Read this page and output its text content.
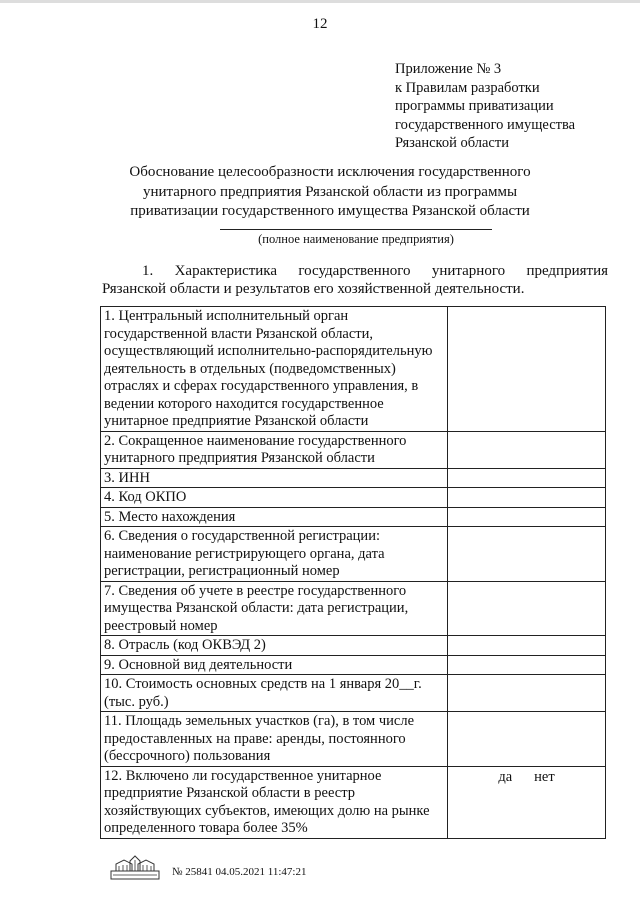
12
Приложение № 3
к Правилам разработки
программы приватизации
государственного имущества
Рязанской области
Обоснование целесообразности исключения государственного
унитарного предприятия Рязанской области из программы
приватизации государственного имущества Рязанской области
(полное наименование предприятия)
1. Характеристика государственного унитарного предприятия
Рязанской области и результатов его хозяйственной деятельности.
1. Центральный исполнительный орган государственной власти Рязанской области, осуществляющий исполнительно-распорядительную деятельность в отдельных (подведомственных) отраслях и сферах государственного управления, в ведении которого находится государственное унитарное предприятие Рязанской области	
2. Сокращенное наименование государственного унитарного предприятия Рязанской области	
3. ИНН	
4. Код ОКПО	
5. Место нахождения	
6. Сведения о государственной регистрации: наименование регистрирующего органа, дата регистрации, регистрационный номер	
7. Сведения об учете в реестре государственного имущества Рязанской области: дата регистрации, реестровый номер	
8. Отрасль (код ОКВЭД 2)	
9. Основной вид деятельности	
10. Стоимость основных средств на 1 января 20__г. (тыс. руб.)	
11. Площадь земельных участков (га), в том числе предоставленных на праве: аренды, постоянного (бессрочного) пользования	
12. Включено ли государственное унитарное предприятие Рязанской области в реестр хозяйствующих субъектов, имеющих долю на рынке определенного товара более 35%	да нет
№ 25841 04.05.2021 11:47:21
